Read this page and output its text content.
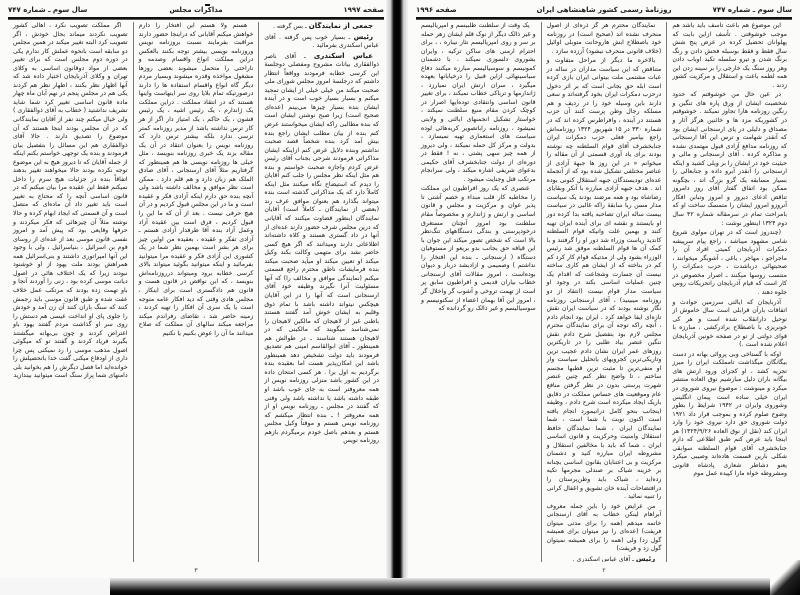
صفحه ۱۹۹۷
مذاکرات مجلس
سال سوم ـ شماره ۷۴۷

جمعی از نمایندگان ـ بس گرفته .

رئیس ـ بسیار خوب پس گرفته . آقای عباس اسکندری بفرمائید .

عباس اسکندری ـ آقای ناصر ذوالفقاری بیانات مشروح ومفصلی دوجلسهٔ این کرسی خطابه فرمودند وواقعاً انتظار داشتم که درجلسهٔ امروز مجلس شورای ملی صحبت میکند من خیلی خیلی از ایشان تمجید میکنم و بسیار بسیار خوب است و در آینده ایشان بنده بسیار چیزها می‌بینم (عده‌ای صحیح است) زیرا صبح نوشتن ایشان است که بنده مطالبی راکه ایشان میخواستند عرض کنم بنده از بیان مطلب ایشان راجع بنده بیش آمد کرد بنده شخصاً قصد صحبت نداشتم وبنده دلایل عرض کنم ازاینکه ایشان مذاکراتی فرمودند شرحی بجناب آقای رئیس عرض کردم واجازه صحبت خواستم و بنده هم مثل اینکه نظر مجلس را جلب کنم آقایان را دیدم که استیضاح نگاه میکنند مثل اینکه کاملاً دارد که یک مذاکراتی گذشته است بنده میتواند بگذارد هم بعنوان موافق عرف رند (بعضی از نمایندگان ـ کاملاً است) آقایان نمایندگان اینطور قضاوت میکنند که آقایانی که درین مجلس شرف حضور دارند عده‌ای از آنها در داد گستری هستند و کلاه داشته‌اند اطلاعاتی دارند ومیدانند که اگر هیچ کسی حاضر نشد برای متهمی وکالت بکند وکیل میکند او تعیین میکند او میآید صحبت میکند بنده فرمایشات ناطق محترم راجع قسمتی میکنم (نمایندگی موافق و مخالف را) که آنها مسئولیت آنرا نگیرند وظیفه خود آقای ارسنجانی است که آنها را در این آقایان هیچکس نیتواند داشته باشد با تمام ذوق وقلبم به ایشان خوش آمد گفتند هستند باطنی غیر از لاهیجان که مالکین لاهیجان را نمی‌شناسد میگویند که مالکینی که در لاهیجان هستند شناسند ـ در طوالش هم همینطور ـ آقای ابوالقاسم امینی هم تصدیق فرمودند باید دولت تشخیص دهد همینطور باشد این امکان‌پذیر هست اما بعقیده بنده برگردیم به اول برا . هر کسی امتحان داده در این کشور باشد منزلی روزنامه نویس از همه معروفتر است به جای خوب باشد او طبقه داشته باشد یا نداشته باشد ولی وقتی که گفتند در مجلس ـ روزنامه نویس او از همه معروفتر ! ـ بنده انتظار میکشم که روزنامه نویس هستم و موقتاً وکیل مجلس هستم و بعدهم باصل خودم برمیگردم بازهم روزنامه نویس

هستم ولا هستم این افتخار را دارم خواهش میکنم آقایانی که دراینجا حضور دارند مراقبت بفرمایند نسبت بروزنامه نویس وروزنامه نویسی بیشتر توجه بکنند بالعکس دراین مملکت انواع واقسام وصدمه و ناراحتی را متحمل میشوند بعضی روزها مشغول مواخذه وقدره میشوند وبسیار مردم دیگر گاه انواع واقسام استفاده ها را دارند درصورتیکه تمام بلایا روی سر اینهاست واینها هستند که در انتقاد مملکت . دراین مملکت یک ژاندارم ، یک رئیس اشیه ، یک رئیس قشون ، یک حاکم ، یک امتیاز دار اگر از هر کار ترس نداشته باشد از مدیر روزنامه کمتر ترسی ندارد بلکه بیشتر ترس دارد که روزنامه نویس را بعنوان انتقاد در آن یک مقاله بزند یک خبری روزنامه بنویسد ، مثل خیلی ها روزنامه نویسی ها هم همینطور که گرفتاریم مثلاً آقای ارسنجانی ، آقای صادق الملک هم زبان دارد و هم قلم دارد . ممکن است نظر موافق و مخالف داشته باشد ولی آنچه بنده حق دارم اینکه آزادی فکر و عقیده است و ما در این مجلس قبول کردیم و در آن هیچ حرفی نیست . بعد از آن که ما این را قبول کردیم ، فرق است بین عقیده آزاد وعمل آزاد بنده آقا طرفدار آزادی هستم ـ آزادی تفکر و عقیده ، بعقیده من اولین چیز برای هر بشر است بهمین نظر شما در یک کشوری این آزادی فکر و عقیده مرا میتوانید بفرمائید و اینکه میتوانید بگوئید میتواند بالای کرسی خطابه برود ومیتواند درروزنامه‌اش بنویسد ، که این نواقص در قانون هست و قانون هم دادگستری است برای اینکار ، مجلس هادی وقتی که دید افکار عامه متوجه است یا یک سری آن افکار را تهیه کردند ، زمینه حاضر شد ، تقاضای رفراندم میکند مراجعه میکند سالهای آن مملکت که صلاح میدانند ما آن را عوض بکنیم یا نکنیم

اگر مملکت تصویب نکرد ، اهالی کشور تصویب نکردند میماند بحال خودش ، اگر تصویب کرد البته تغییر میکند در همین مجلس دو سابقه است بانحوه عملش کار ندارم یکی در دوره دوم مجلس است که برای تغییر بعضی از مواد دوقانون اساسی به وکلای تهران و وکلای آذربایجان اختیار داده شد که آنها اظهار نظر بکنند ، اظهار نظر هم کردند یکی هم در مجلس پنجم در نهم آبان ماه چهار ماده قانون اساسی تغییر کرد شما شاید تشریف نداشتید ( خطاب به آقای ذوالفقاری ) ولی خیال میکنم چند نفر از آقایان نمایندگانی که در آن مجلس بودند اینجا هستند که آن موضوع را تصدیق دارند . حالا آقای ذوالفقاری هم این مسائل را بتفصیل بیان فرمودند و بنده یک توجهی خواستم بکنم اینکه از جمله آقایان که تا دیروز هیچ به این موضوع توجه نکرده بودند حالا میخواهند تغییر بدهند اتفاقاً بنده در جزئیات هیچ سرم را داخل نمیکنم فقط این عقیده مرا بیان میکنم که در قانون اساسی آنچه را که محتاج به تغییر است باید تغییر داد آن ماده‌ای که متصل است و آن قسمتی که ایجاد ابهام کرده و حالا نوشته مثلاً آن چیزهائی که فکر میکردند و حرفها وقایعی بود که پیش آمد و امروز نفسی قانون موسی بعد از عده‌ای از روسای قوم بن اسرائیل ، بنیاسرائیل ، ولی با وجود این آنها امپراتوری داشتند و بنی‌اسرائیل همه همراهش بودند ملت یهود از او خوشنود نبودند زیرا که یک اختلاف هائی در اصول دیانت موسی کرده بود ، زنی را آوردند آنجا و باو تهمت زده بودند که مرتکب عمل خلاف عفت شده و طبق قانون موسی باید رجمش کنند که سنگ باران کنند آن زن آمد و خودش را جلوی پای او انداخت عیسی هم دستش را روی سر او گذاشت مردم گفتند یهود باو اعتراض کردند و چون بی‌بهانه میگشتند بگیرند فریاد کردند و گفتند تو که میگوئی اصول مذهب موسی را رد نمیکنی پس چرا داری از اودفاع میکنی گفت خدا باتحصیلش را خوانده‌اید اما فصل دیگرش را هم بخوانید بلی دامنهای شما پراز سنگ است میتوانید بیندازید

۳
سال سوم ـ شماره ۷۴۷
روزنامهٔ رسمی کشور شاهنشاهی ایران
صفحه ۱۹۹۶

این موضوع هم باعث تأسف باید باشد هم موجب خوشوقتی . تأسف ازاین بابت که پهلوانان تحصیل کرده در عرض پنج شش سال فقط و فقط بوسیله فحش دادن و رنگ برنگ شدن و تیرو سلسله تکید اوباب دادن وهر روز سنگ یک خارجی را بر سینه زدن این همه لطمه باعث و استقلال و مرکزیت کشور زدند .

در عین حال من خوشوقتم که حدود شخصیت ایشان از ورق پاره های تنگین و رنگین روزنامه هارا تجاوز نمیکند . خوشوقتم در کشوریکه مزد ها و خائنین هرگز آثار و مصداق و دلیلی در پای ارسنجانی ایشان بود که آنقدر شهامت و ترس این آقا ارسنجانی که روزنامه مدافع آزادی قبول مهتمدی نشده و مذاکره کرده . آقای ارسنجانی و مالی و حیثیت خود در ایشان را بر ویلی کشید و اینکه ارسنجانی را آنقدر آبرو داده و جنابعالی را بسیار مسابقه یک گرو بزرگ اند ، بچگونه ممکن بود اتفاق گفتار آقای روز دامروز تناقض ادعای دیروز و امروز وتبابن افکار آنروزو امروز ایشان را متمسک ساخت او که بامراحت تمام در سرمقاله شماره ۴۲ سال دوم ۱۳۲۴ اینطور نوشت :

(چندروز است که در تهران مولوی شروع شامی مشهود میباشد ، راجع پیام سرپیشه دمکرات آذربایجان کمیتی افراد آن را ماجراجو ، مهاجر ، یاغی ، آشوبگر میخوانند ، صحبتهائی درباشدت ، حزب دمکرات را منتسب روسها میکنند ـ اصرار مخصوص در کار است که قیام آذربایجان راتحریکات روس جلوه دهند .

آذربایجان که ایالتی سرزمین حوادث و اتفاقات بارآن قرابلی است سال خاموش از توحیل دارانقلاب شده است و هر کی خونریزی با باصطلاح برادرکشی ، مبارزه با قوای دولتی از تو در صفحه خونین آذربایجان اعلام شده است .)

اوکه با گستاخی وبی پروائی بهانه در دست بیگانگان میگذاشت تامملکت ایران را میرز تجزیه کشد ، او کجرای ورود ارتش های بیگانه باران دلیل مبارشیم نوق العاده منتشر میکرد و مینوشت : موضوع نیروی شوروی در ایران خیلی ساده است پیمان انگلیس وشوروی وایران در ۱۹۴۲ شرایط را بطور وضوح صلوم کرده و بموجب قرار داد ۱۹۲۱ دولت شوروی حق دارد نیروی خود را وارد ایران کند (نقل از نوق العاده ۱۳۲۴/۹/۲۶) هر اینجا باید عرض کنم طبق اطلاعی که دارم جنابخشرف آقای قوام السلطنه سوابقی شکلی بارین قسمت هاده‌اند وصیبی میکرد یعنو دشاطر شعاری پادشاه قانونی ومشروطه خواه مارا کپیده عمل موم

نمایندگان محترم هر گز ذره‌ای از اصول منحرف نشده اند (صحیح است) در روزنامه خود باصطلاح ابش هاروحانت متوبلی اوائیل (خلاف قانونی منحرف نیشود) آرزده سازد .

بالاخره ما دیگر از مراحل متفاوت و متناقض که این سیاست مداران در ساله در عبات مشتمی ملت بیتوانی ایران بازی کرده است ابله حق بجانی است که بر اثر دخول درحزب دمکرات ایران بخود گرفته‌اند و سعی دارند باین وسیله خود را در ردیف و هم مسلکه رجال وطن پرست کنند آن حزب هستند در آینده ، وافراطرس کرده اند که در شماره ۳۳۰ در ۱۵ شهریور ۱۳۲۴ روزنامه‌اش راجع بپامیر فعلی حزب دمکرات ایران جنابخشرف آقای قوام السلطنه چه نوشته بودند برای یاد آوری قسمتی از آن مقاله را میخوانم « در این روز ها جبههٔ آزادی از عناصر مختلفی تشکیل شده بود که از آنجمله عده‌ای تودیستدگان جبهه استقلال کنونی بوده اند . هدف جبهه آزادی مبارزه با آنکر وبقایای رضاشاه بود و همه مرضند بودند یک سیاست مدار مسن ربا سابقهٔ راکه غالبی در سیاست بیست ساله ایران تصاحبه یافته بدا کرده دور او بایستند و نقشه ای برای آینده ایران تهیه کنند و بهمین علت وانیکه قوام السلطنه کاندید ریاست وزراء شد دور او را گرفتند و با کمک آن ها قوام السلطنه موفق شد رئیس الوزراء بشود ولی از مدتیکه قوام کار کرد کم کم در بناخته که از ایشان هم کاری ساخته نیست آن جسارت وشجاعت که اقدام یک چنین عملیات اساسی بکند در وجود او سیاست مدار قوام نیست (انتقاد از دو روزنامه میبینید) ، آقای ارسنجانی روزنامه نگار نوشته بودند که در سیاست ایران نقش تازه‌ای ایفا خواهد کرد . ایران بود انجام دادم ، آنچه راکه توجه آن برای نمایندگان محترم مجلس لازم بود بتفصیل شرح دادم نقش ننگین عنصر بیاد طلبی را در تاریکترین روزهای عمر ایران نشان دادم عجیب ترین وتاریکی‌ترین کجرویهای باتحلیل سیاست وار او منفی‌ترین تا مثبت ترین قطبها مجسم ساختم ، تا واضح نظر کنم چنین عنصر شهرت پرستی بدون در نظر گرفتن منافع عام وموقعیت های حساس مملکت در دقایق باریک ایجاد میکرده است شرح دادم ، وظیفه اینجانب بنحو کامل درانیمورد انجام یافته است اکنون نوبت با شما است ، شما نمایندگان ایران ، شما نمایندگان حافظ استقلال وامنیت وحرکزیت و قانون اساسی ایران ، شما که باید با مخالفین استقلال و مشروطه ایران مبارزه کنید و دشمنان مرکزیت و بی اعتنایان بقانون اساسی بچنانه بر خزینه شیاک بر صندلی مجرمها تکیه زده‌اید ، شیاک باید وطن‌پرستان را درافتضاحات آینده خان تشویق و اغفال کرانی را تنبیه نمائید .

من عرایض خود را باین جمله معروف آبراهام لینکن خطاب به آقای ارسنجانی خاتمه میدهم (همه را برای مدتی میتوان فریفت) (عده‌ای را نیز میتوان برای همیشه گول زد) ولی (همه را برای همیشه نمیتوان گول زد و فریفت)

رئیس ـ آقای عباس اسکندری .

یک وقت از سلطنت طلبیسم و امپریالیسم و غیر ذالک دیگر از نوک قلم ایشان زهر حمله بر سر و روی امپریالیسم نثار نیباره ، ، برای احترام ارمنی های ساکن ترکیه ، وایران بشوروی دلسوزی نمیکند . با دشمنان کمونیسم و سوسیالیسم مبارزه میکنند دفاع سیاسینهائی ازاین قبیل را درخیابانها بعهده میگیرد ، سران ارتش ایران نمیارزد ، ژاندارمها و ترباکی خطاب نمیکند ، برای تغییر قانون اساسی وانتقادی توده‌ایها اصرار در کوچک کردن مقام منیع سلطنت نمیکند ، خواستار تشکیل انجمنهای ایالتی و ولایتی نمیشود ، روزنامه راباتصویر کریه‌هائی لوده سیاست های استعماری تهیه نمیسازد ، بدولت و مرکز کل حمله نمیکند ، ولی دیروز از همه چیز سهی پشتی ، نه ! فقط در دوره‌ای از دولت جنابخشرف آقای حکیمی بدعوای شریفی اشاره میکند ، ولی سرانجام مرتکب قتل وجنایت میشود .

عنصری که یک روز افراطیون این مملکت را مخاطبه کار قلب مبداء و خصم آشتی تا پذیر عوان و مرکزیت و مجلس و قانون اساسی و ارتش و ژاندارم و مخصوصاً مقام سلطنت بود امروز آنچنان مستغرق درخودپرستی و بندگی دستگاههای تنگ‌نظر بالا است که شخص تصور میکند این جوان با این قیافه حق بجانب بدو بریعو از مستوفیان دستگاه ( ارسنجانی ـ بنده این افتخار را نداشتم ) وصمیمی و ازادیشد دربار و دیوان بوده‌است ، امروز مقالات آقای ارسنجانی خطاب بیاران قدیمی و افراطیون سابق پر است از تهمت تروخی و آشوب گر واخلال گر ، امروز این آقا بهمان اعضاء از سکتونیسم و سوسیالیسم و غیر ذالک رو گردانده که

۲
